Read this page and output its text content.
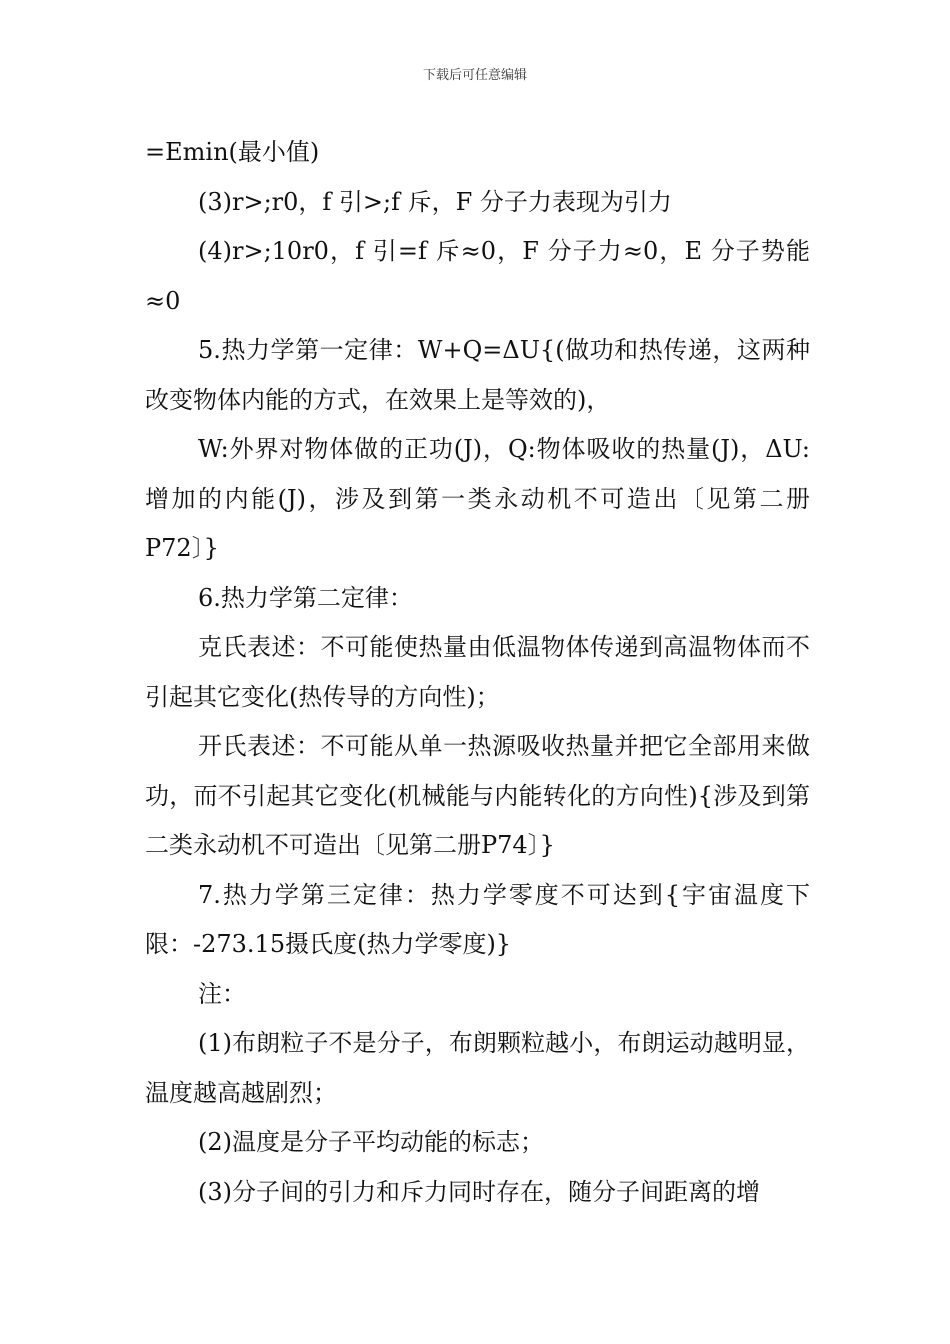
下载后可任意编辑

=Emin(最小值)

(3)r>;r0，f 引>;f 斥，F 分子力表现为引力

(4)r>;10r0，f 引=f 斥≈0，F 分子力≈0，E 分子势能≈0

5.热力学第一定律：W+Q=ΔU{(做功和热传递，这两种改变物体内能的方式，在效果上是等效的)，

W:外界对物体做的正功(J)，Q:物体吸收的热量(J)，ΔU:增加的内能(J)，涉及到第一类永动机不可造出〔见第二册P72〕}

6.热力学第二定律：

克氏表述：不可能使热量由低温物体传递到高温物体而不引起其它变化(热传导的方向性)；

开氏表述：不可能从单一热源吸收热量并把它全部用来做功，而不引起其它变化(机械能与内能转化的方向性){涉及到第二类永动机不可造出〔见第二册P74〕}

7.热力学第三定律：热力学零度不可达到{宇宙温度下限：-273.15摄氏度(热力学零度)}

注：

(1)布朗粒子不是分子，布朗颗粒越小，布朗运动越明显，温度越高越剧烈；

(2)温度是分子平均动能的标志；

(3)分子间的引力和斥力同时存在，随分子间距离的增
